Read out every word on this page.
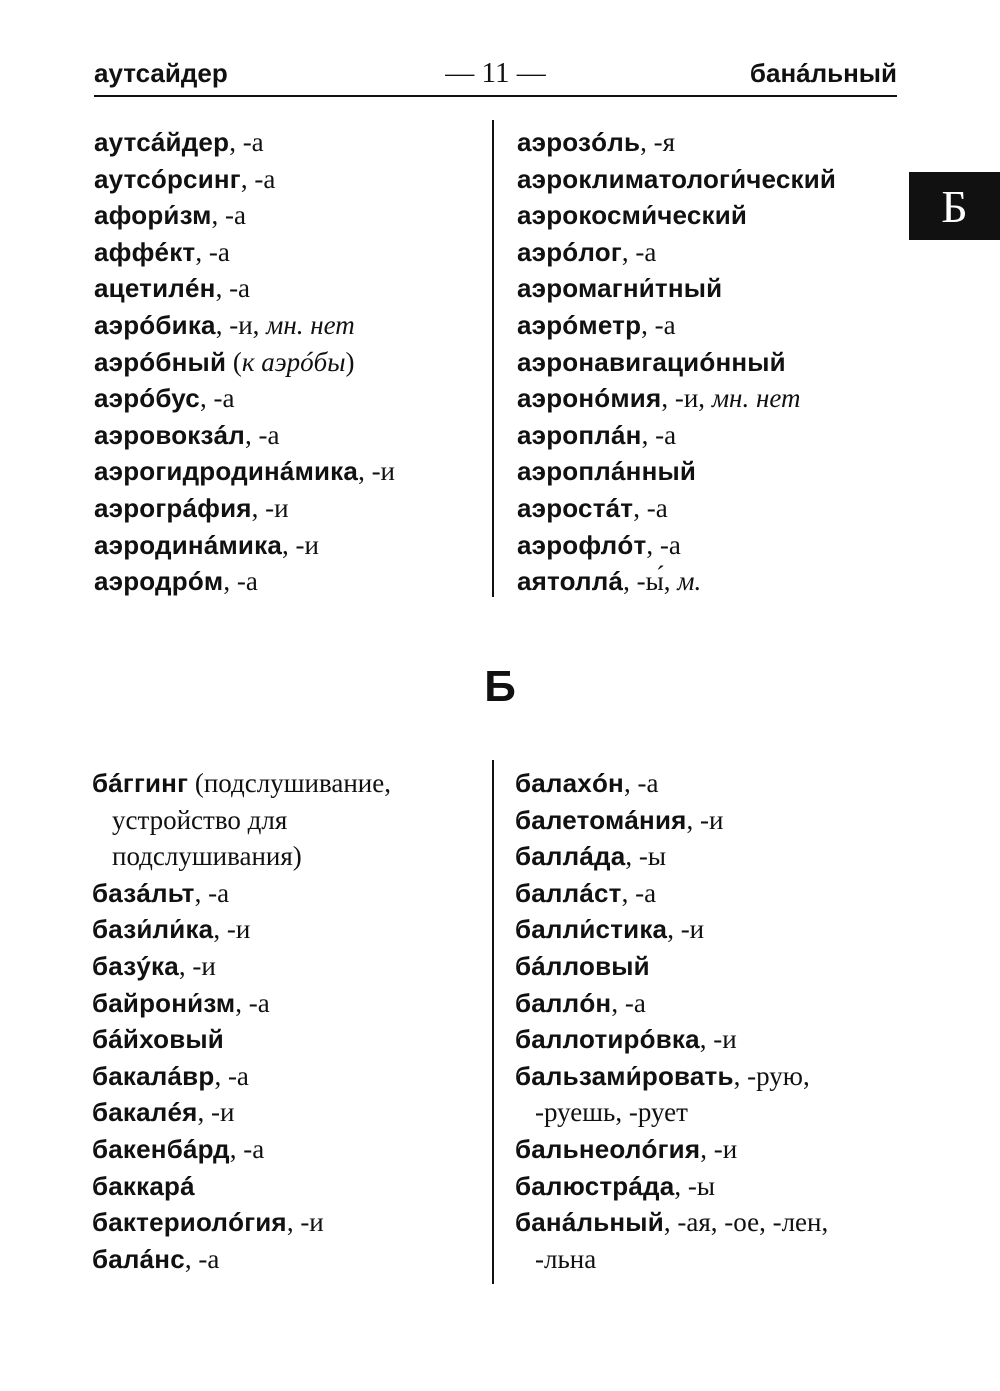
аутсайдер	— 11 —	банáльный
Б
аутсáйдер, -а
аутсóрсинг, -а
афори́зм, -а
аффéкт, -а
ацетилéн, -а
аэрóбика, -и, мн. нет
аэрóбный (к аэрóбы)
аэрóбус, -а
аэровокзáл, -а
аэрогидродинáмика, -и
аэрогрáфия, -и
аэродинáмика, -и
аэродрóм, -а
аэрозóль, -я
аэроклиматологи́ческий
аэрокосми́ческий
аэрóлог, -а
аэромагни́тный
аэрóметр, -а
аэронавигациóнный
аэронóмия, -и, мн. нет
аэроплáн, -а
аэроплáнный
аэростáт, -а
аэрофлóт, -а
аятоллá, -ы́, м.
Б
бáггинг (подслушивание,
устройство для
подслушивания)
базáльт, -а
бази́ли́ка, -и
базýка, -и
байрони́зм, -а
бáйховый
бакалáвр, -а
бакалéя, -и
бакенбáрд, -а
баккарá
бактериолóгия, -и
балáнс, -а
балахóн, -а
балетомáния, -и
баллáда, -ы
баллáст, -а
балли́стика, -и
бáлловый
баллóн, -а
баллотирóвка, -и
бальзами́ровать, -рую,
-руешь, -рует
бальнеолóгия, -и
балюстрáда, -ы
банáльный, -ая, -ое, -лен,
-льна
